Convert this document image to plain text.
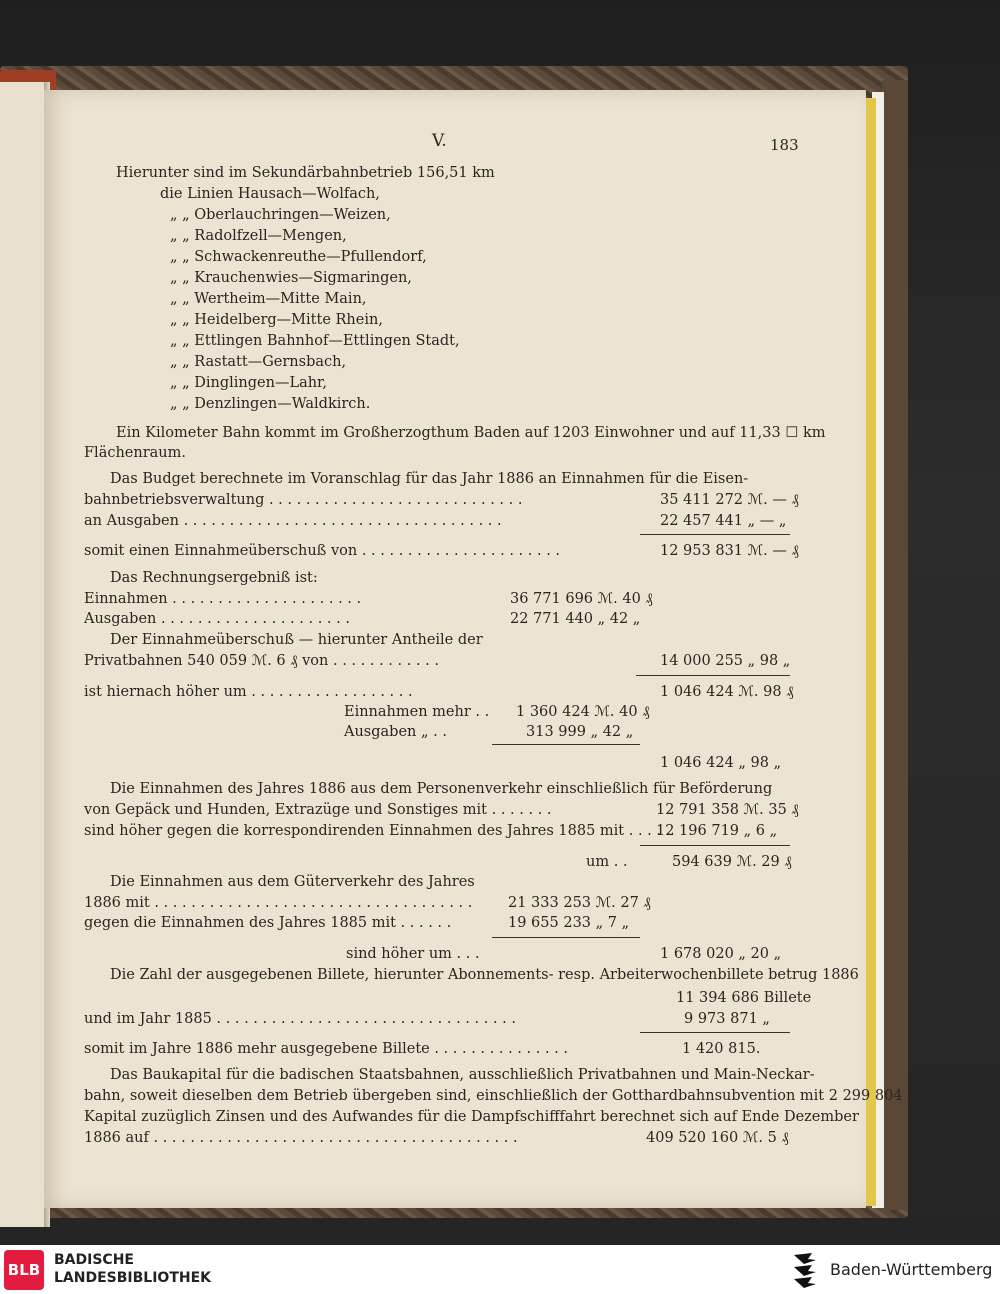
V.	183
Hierunter sind im Sekundärbahnbetrieb 156,51 km
die Linien Hausach—Wolfach,
„ „ Oberlauchringen—Weizen,
„ „ Radolfzell—Mengen,
„ „ Schwackenreuthe—Pfullendorf,
„ „ Krauchenwies—Sigmaringen,
„ „ Wertheim—Mitte Main,
„ „ Heidelberg—Mitte Rhein,
„ „ Ettlingen Bahnhof—Ettlingen Stadt,
„ „ Rastatt—Gernsbach,
„ „ Dinglingen—Lahr,
„ „ Denzlingen—Waldkirch.
Ein Kilometer Bahn kommt im Großherzogthum Baden auf 1203 Einwohner und auf 11,33 ☐ km
Flächenraum.
Das Budget berechnete im Voranschlag für das Jahr 1886 an Einnahmen für die Eisen-
bahnbetriebsverwaltung . . . . . . . . . . . . . . . . . . . . . . . . . . . .
an Ausgaben . . . . . . . . . . . . . . . . . . . . . . . . . . . . . . . . . . .
somit einen Einnahmeüberschuß von . . . . . . . . . . . . . . . . . . . . . .
Das Rechnungsergebniß ist:
Einnahmen . . . . . . . . . . . . . . . . . . . . .
Ausgaben . . . . . . . . . . . . . . . . . . . . .
Der Einnahmeüberschuß — hierunter Antheile der
Privatbahnen 540 059 ℳ. 6 ₰ von . . . . . . . . . . . .
ist hiernach höher um . . . . . . . . . . . . . . . . . .
Einnahmen mehr . .
Ausgaben „ . .
Die Einnahmen des Jahres 1886 aus dem Personenverkehr einschließlich für Beförderung
von Gepäck und Hunden, Extrazüge und Sonstiges mit . . . . . . .
sind höher gegen die korrespondirenden Einnahmen des Jahres 1885 mit . . . . .
um . .
Die Einnahmen aus dem Güterverkehr des Jahres
1886 mit . . . . . . . . . . . . . . . . . . . . . . . . . . . . . . . . . . .
gegen die Einnahmen des Jahres 1885 mit . . . . . .
sind höher um . . .
Die Zahl der ausgegebenen Billete, hierunter Abonnements- resp. Arbeiterwochenbillete betrug 1886
und im Jahr 1885 . . . . . . . . . . . . . . . . . . . . . . . . . . . . . . . . .
somit im Jahre 1886 mehr ausgegebene Billete . . . . . . . . . . . . . . .
Das Baukapital für die badischen Staatsbahnen, ausschließlich Privatbahnen und Main-Neckar-
bahn, soweit dieselben dem Betrieb übergeben sind, einschließlich der Gotthardbahnsubvention mit 2 299 804 ℳ.
Kapital zuzüglich Zinsen und des Aufwandes für die Dampfschifffahrt berechnet sich auf Ende Dezember
1886 auf . . . . . . . . . . . . . . . . . . . . . . . . . . . . . . . . . . . . . . . .
35 411 272 ℳ. — ₰
22 457 441 „ — „
12 953 831 ℳ. — ₰
36 771 696 ℳ. 40 ₰
22 771 440 „ 42 „
14 000 255 „ 98 „
1 046 424 ℳ. 98 ₰
1 360 424 ℳ. 40 ₰
313 999 „ 42 „
1 046 424 „ 98 „
12 791 358 ℳ. 35 ₰
12 196 719 „ 6 „
594 639 ℳ. 29 ₰
21 333 253 ℳ. 27 ₰
19 655 233 „ 7 „
1 678 020 „ 20 „
11 394 686 Billete
9 973 871 „
1 420 815.
409 520 160 ℳ. 5 ₰
BLB
BADISCHE
LANDESBIBLIOTHEK	Baden-Württemberg
